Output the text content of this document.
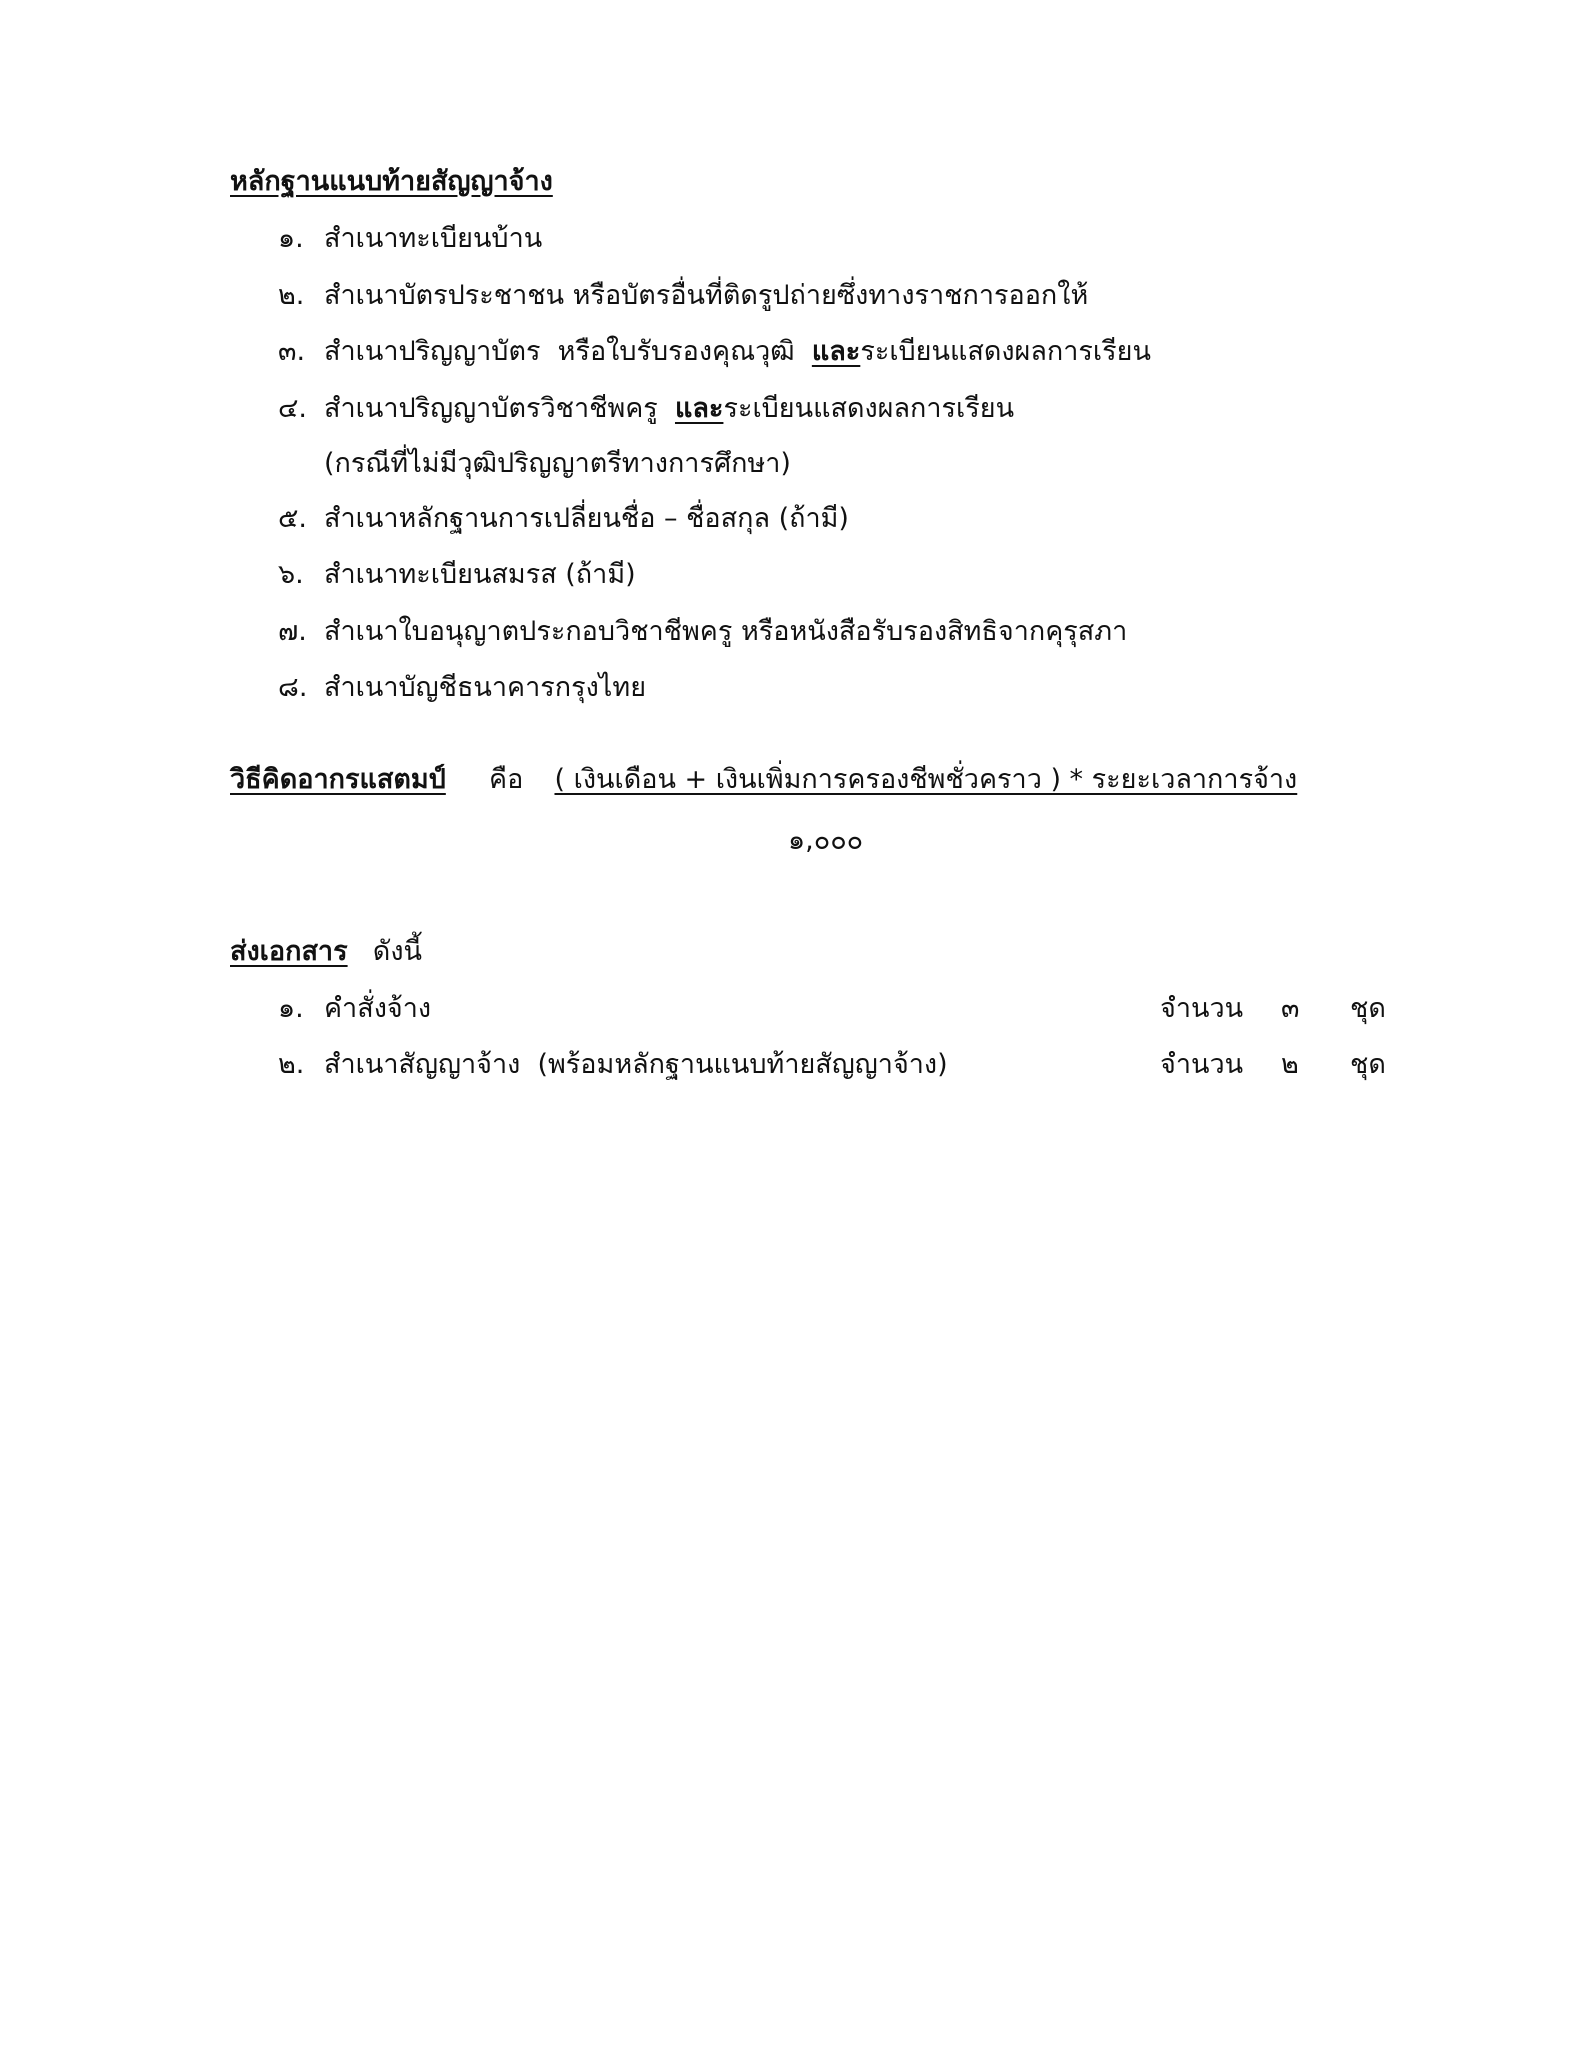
หลักฐานแนบท้ายสัญญาจ้าง
๑. สำเนาทะเบียนบ้าน
๒. สำเนาบัตรประชาชน หรือบัตรอื่นที่ติดรูปถ่ายซึ่งทางราชการออกให้
๓. สำเนาปริญญาบัตร  หรือใบรับรองคุณวุฒิ  และระเบียนแสดงผลการเรียน
๔. สำเนาปริญญาบัตรวิชาชีพครู  และระเบียนแสดงผลการเรียน
(กรณีที่ไม่มีวุฒิปริญญาตรีทางการศึกษา)
๕. สำเนาหลักฐานการเปลี่ยนชื่อ – ชื่อสกุล (ถ้ามี)
๖. สำเนาทะเบียนสมรส (ถ้ามี)
๗. สำเนาใบอนุญาตประกอบวิชาชีพครู หรือหนังสือรับรองสิทธิจากคุรุสภา
๘. สำเนาบัญชีธนาคารกรุงไทย
วิธีคิดอากรแสตมป์ คือ ( เงินเดือน + เงินเพิ่มการครองชีพชั่วคราว ) * ระยะเวลาการจ้าง
๑,๐๐๐
ส่งเอกสาร ดังนี้
๑. คำสั่งจ้าง	จำนวน ๓ ชุด
๒. สำเนาสัญญาจ้าง  (พร้อมหลักฐานแนบท้ายสัญญาจ้าง)	จำนวน ๒ ชุด
